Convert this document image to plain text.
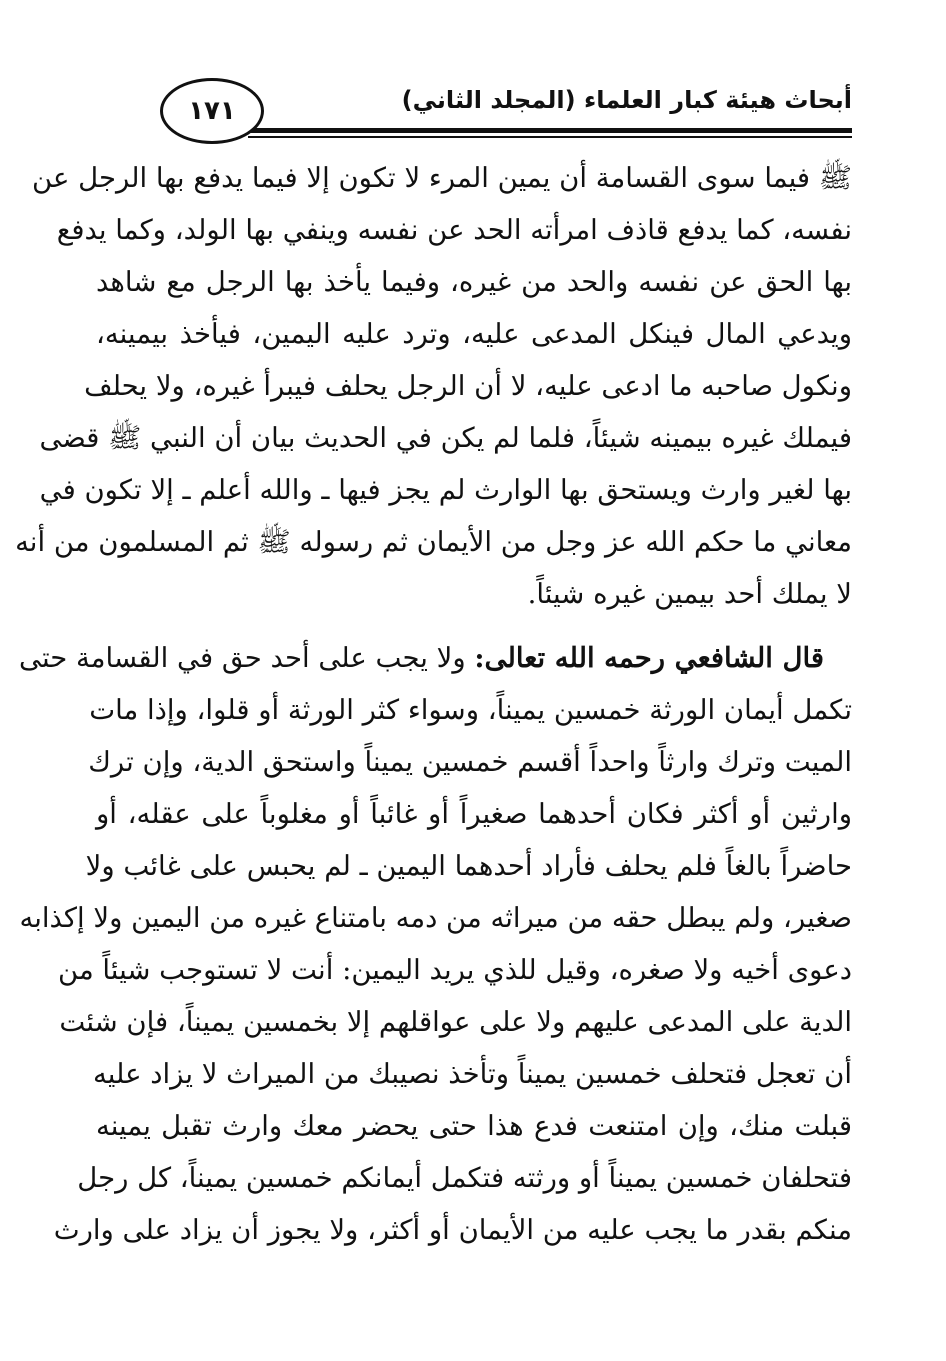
أبحاث هيئة كبار العلماء (المجلد الثاني)
١٧١
ﷺ فيما سوى القسامة أن يمين المرء لا تكون إلا فيما يدفع بها الرجل عن
نفسه، كما يدفع قاذف امرأته الحد عن نفسه وينفي بها الولد، وكما يدفع
بها الحق عن نفسه والحد من غيره، وفيما يأخذ بها الرجل مع شاهد
ويدعي المال فينكل المدعى عليه، وترد عليه اليمين، فيأخذ بيمينه،
ونكول صاحبه ما ادعى عليه، لا أن الرجل يحلف فيبرأ غيره، ولا يحلف
فيملك غيره بيمينه شيئاً، فلما لم يكن في الحديث بيان أن النبي ﷺ قضى
بها لغير وارث ويستحق بها الوارث لم يجز فيها ـ والله أعلم ـ إلا تكون في
معاني ما حكم الله عز وجل من الأيمان ثم رسوله ﷺ ثم المسلمون من أنه
لا يملك أحد بيمين غيره شيئاً.
قال الشافعي رحمه الله تعالى: ولا يجب على أحد حق في القسامة حتى
تكمل أيمان الورثة خمسين يميناً، وسواء كثر الورثة أو قلوا، وإذا مات
الميت وترك وارثاً واحداً أقسم خمسين يميناً واستحق الدية، وإن ترك
وارثين أو أكثر فكان أحدهما صغيراً أو غائباً أو مغلوباً على عقله، أو
حاضراً بالغاً فلم يحلف فأراد أحدهما اليمين ـ لم يحبس على غائب ولا
صغير، ولم يبطل حقه من ميراثه من دمه بامتناع غيره من اليمين ولا إكذابه
دعوى أخيه ولا صغره، وقيل للذي يريد اليمين: أنت لا تستوجب شيئاً من
الدية على المدعى عليهم ولا على عواقلهم إلا بخمسين يميناً، فإن شئت
أن تعجل فتحلف خمسين يميناً وتأخذ نصيبك من الميراث لا يزاد عليه
قبلت منك، وإن امتنعت فدع هذا حتى يحضر معك وارث تقبل يمينه
فتحلفان خمسين يميناً أو ورثته فتكمل أيمانكم خمسين يميناً، كل رجل
منكم بقدر ما يجب عليه من الأيمان أو أكثر، ولا يجوز أن يزاد على وارث
